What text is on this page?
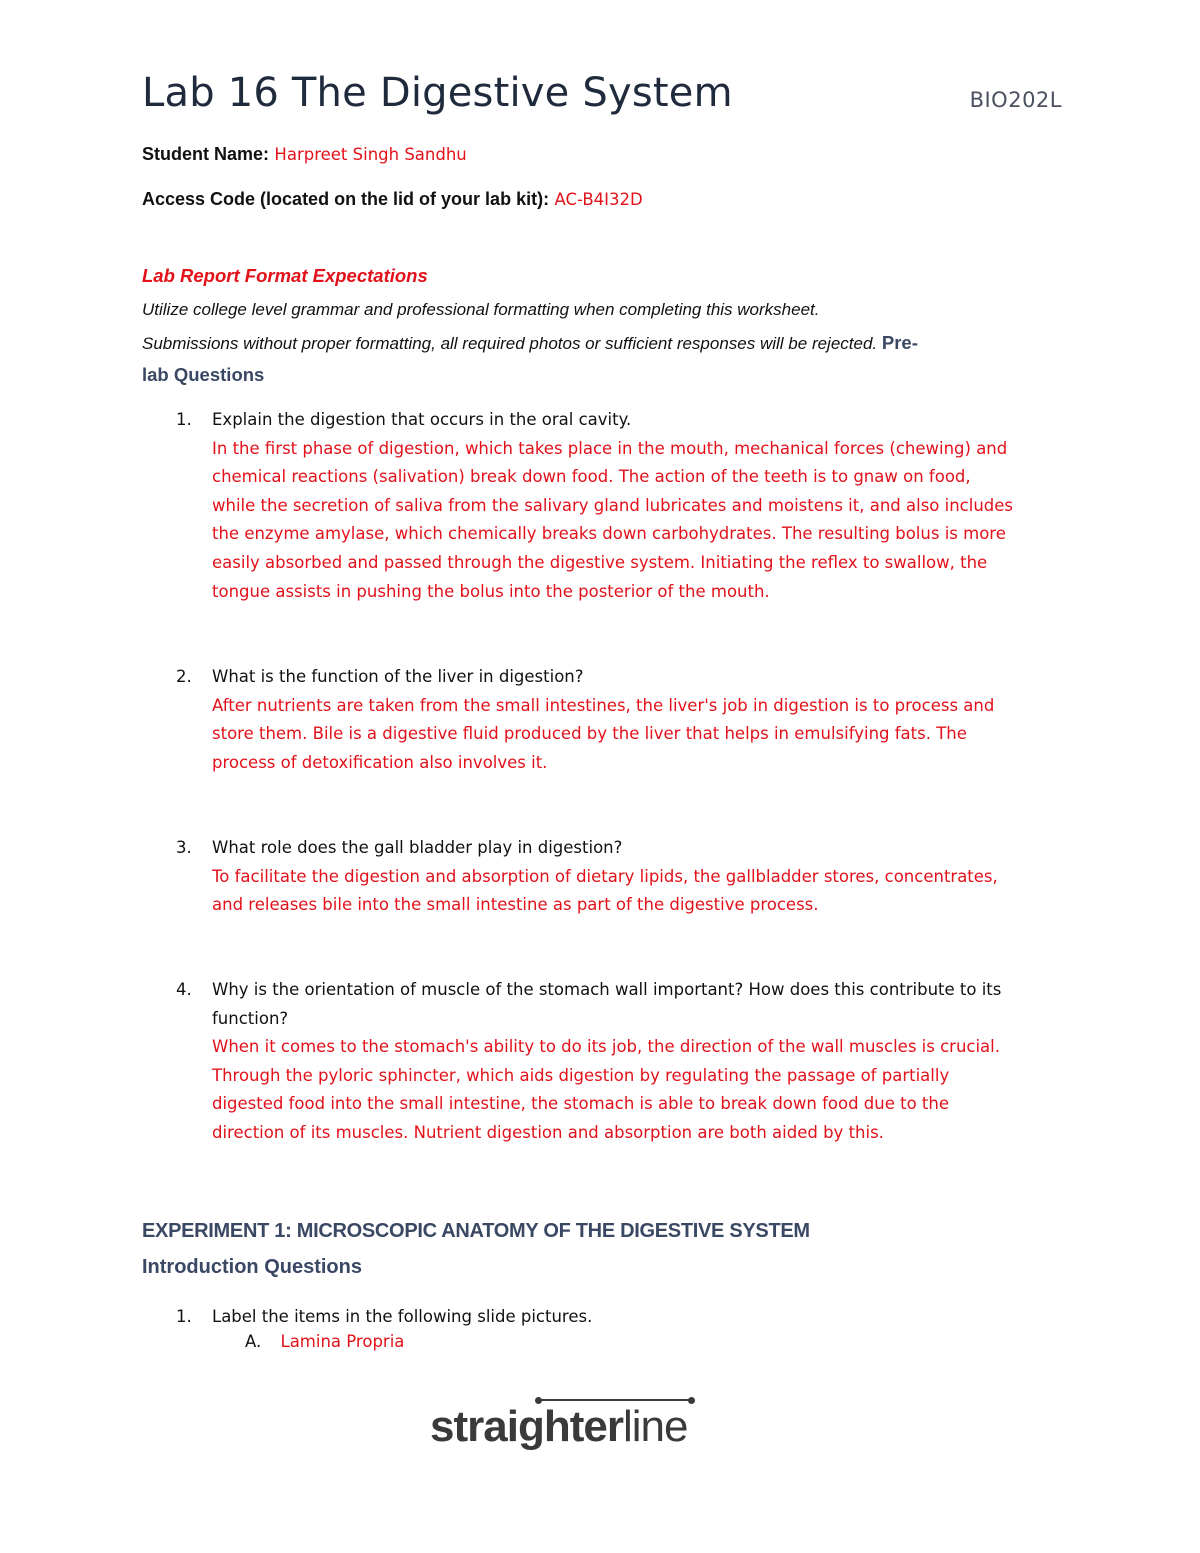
Lab 16 The Digestive System	BIO202L
Student Name: Harpreet Singh Sandhu
Access Code (located on the lid of your lab kit): AC-B4I32D
Lab Report Format Expectations
Utilize college level grammar and professional formatting when completing this worksheet.
Submissions without proper formatting, all required photos or sufficient responses will be rejected. Pre-
lab Questions
1. Explain the digestion that occurs in the oral cavity.
In the first phase of digestion, which takes place in the mouth, mechanical forces (chewing) and
chemical reactions (salivation) break down food. The action of the teeth is to gnaw on food,
while the secretion of saliva from the salivary gland lubricates and moistens it, and also includes
the enzyme amylase, which chemically breaks down carbohydrates. The resulting bolus is more
easily absorbed and passed through the digestive system. Initiating the reflex to swallow, the
tongue assists in pushing the bolus into the posterior of the mouth.
2. What is the function of the liver in digestion?
After nutrients are taken from the small intestines, the liver's job in digestion is to process and
store them. Bile is a digestive fluid produced by the liver that helps in emulsifying fats. The
process of detoxification also involves it.
3. What role does the gall bladder play in digestion?
To facilitate the digestion and absorption of dietary lipids, the gallbladder stores, concentrates,
and releases bile into the small intestine as part of the digestive process.
4. Why is the orientation of muscle of the stomach wall important? How does this contribute to its
function?
When it comes to the stomach's ability to do its job, the direction of the wall muscles is crucial.
Through the pyloric sphincter, which aids digestion by regulating the passage of partially
digested food into the small intestine, the stomach is able to break down food due to the
direction of its muscles. Nutrient digestion and absorption are both aided by this.
EXPERIMENT 1: MICROSCOPIC ANATOMY OF THE DIGESTIVE SYSTEM
Introduction Questions
1. Label the items in the following slide pictures.
A. Lamina Propria
straighterline
